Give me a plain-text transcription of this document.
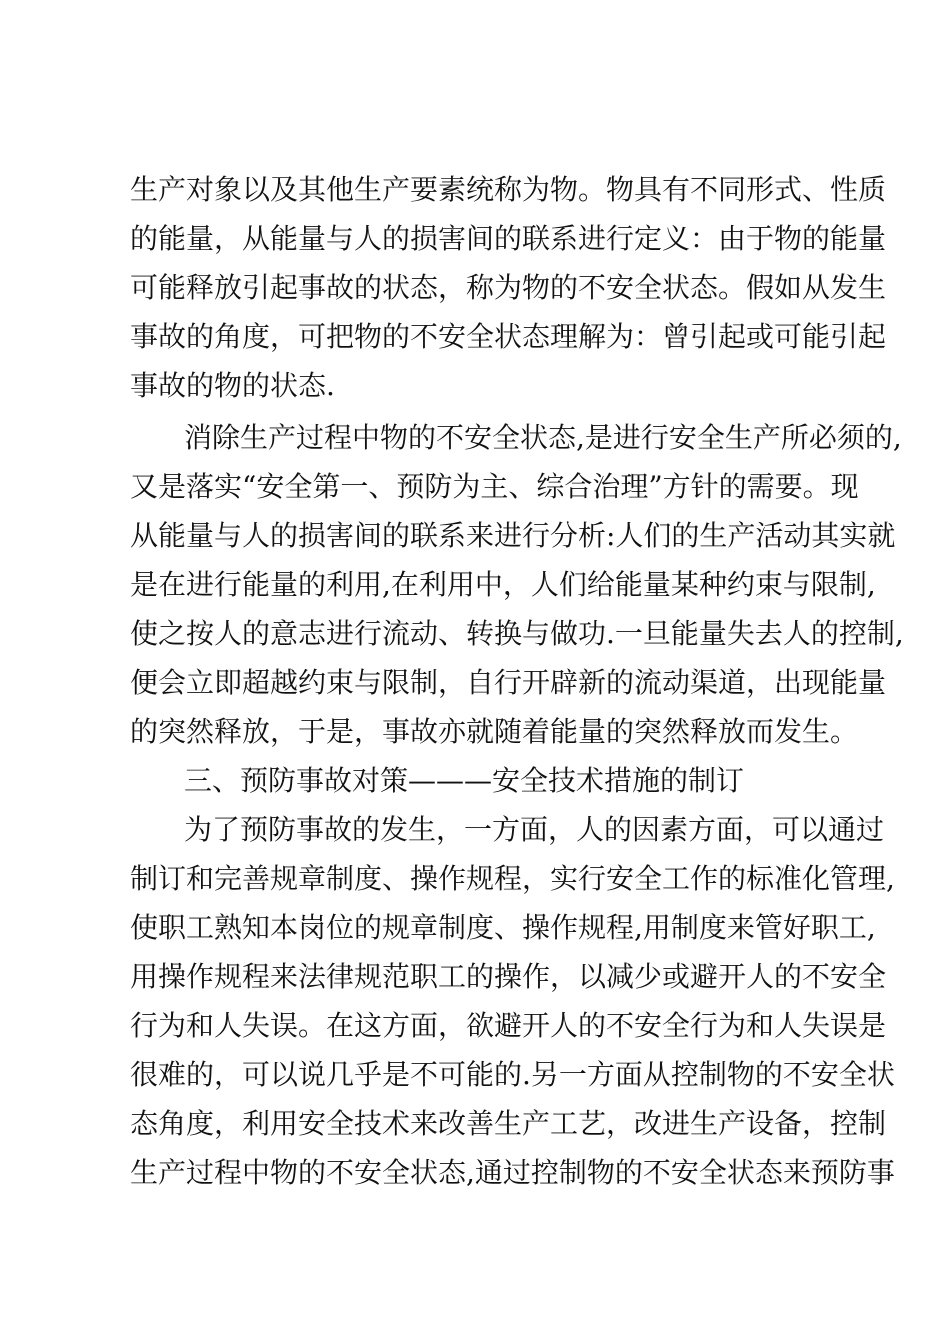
生产对象以及其他生产要素统称为物。物具有不同形式、性质
的能量，从能量与人的损害间的联系进行定义：由于物的能量
可能释放引起事故的状态，称为物的不安全状态。假如从发生
事故的角度，可把物的不安全状态理解为：曾引起或可能引起
事故的物的状态.
消除生产过程中物的不安全状态,是进行安全生产所必须的,
又是落实“安全第一、预防为主、综合治理”方针的需要。现
从能量与人的损害间的联系来进行分析:人们的生产活动其实就
是在进行能量的利用,在利用中，人们给能量某种约束与限制,
使之按人的意志进行流动、转换与做功.一旦能量失去人的控制,
便会立即超越约束与限制，自行开辟新的流动渠道，出现能量
的突然释放，于是，事故亦就随着能量的突然释放而发生。
三、预防事故对策———安全技术措施的制订
为了预防事故的发生，一方面，人的因素方面，可以通过
制订和完善规章制度、操作规程，实行安全工作的标准化管理,
使职工熟知本岗位的规章制度、操作规程,用制度来管好职工,
用操作规程来法律规范职工的操作，以减少或避开人的不安全
行为和人失误。在这方面，欲避开人的不安全行为和人失误是
很难的，可以说几乎是不可能的.另一方面从控制物的不安全状
态角度，利用安全技术来改善生产工艺，改进生产设备，控制
生产过程中物的不安全状态,通过控制物的不安全状态来预防事
